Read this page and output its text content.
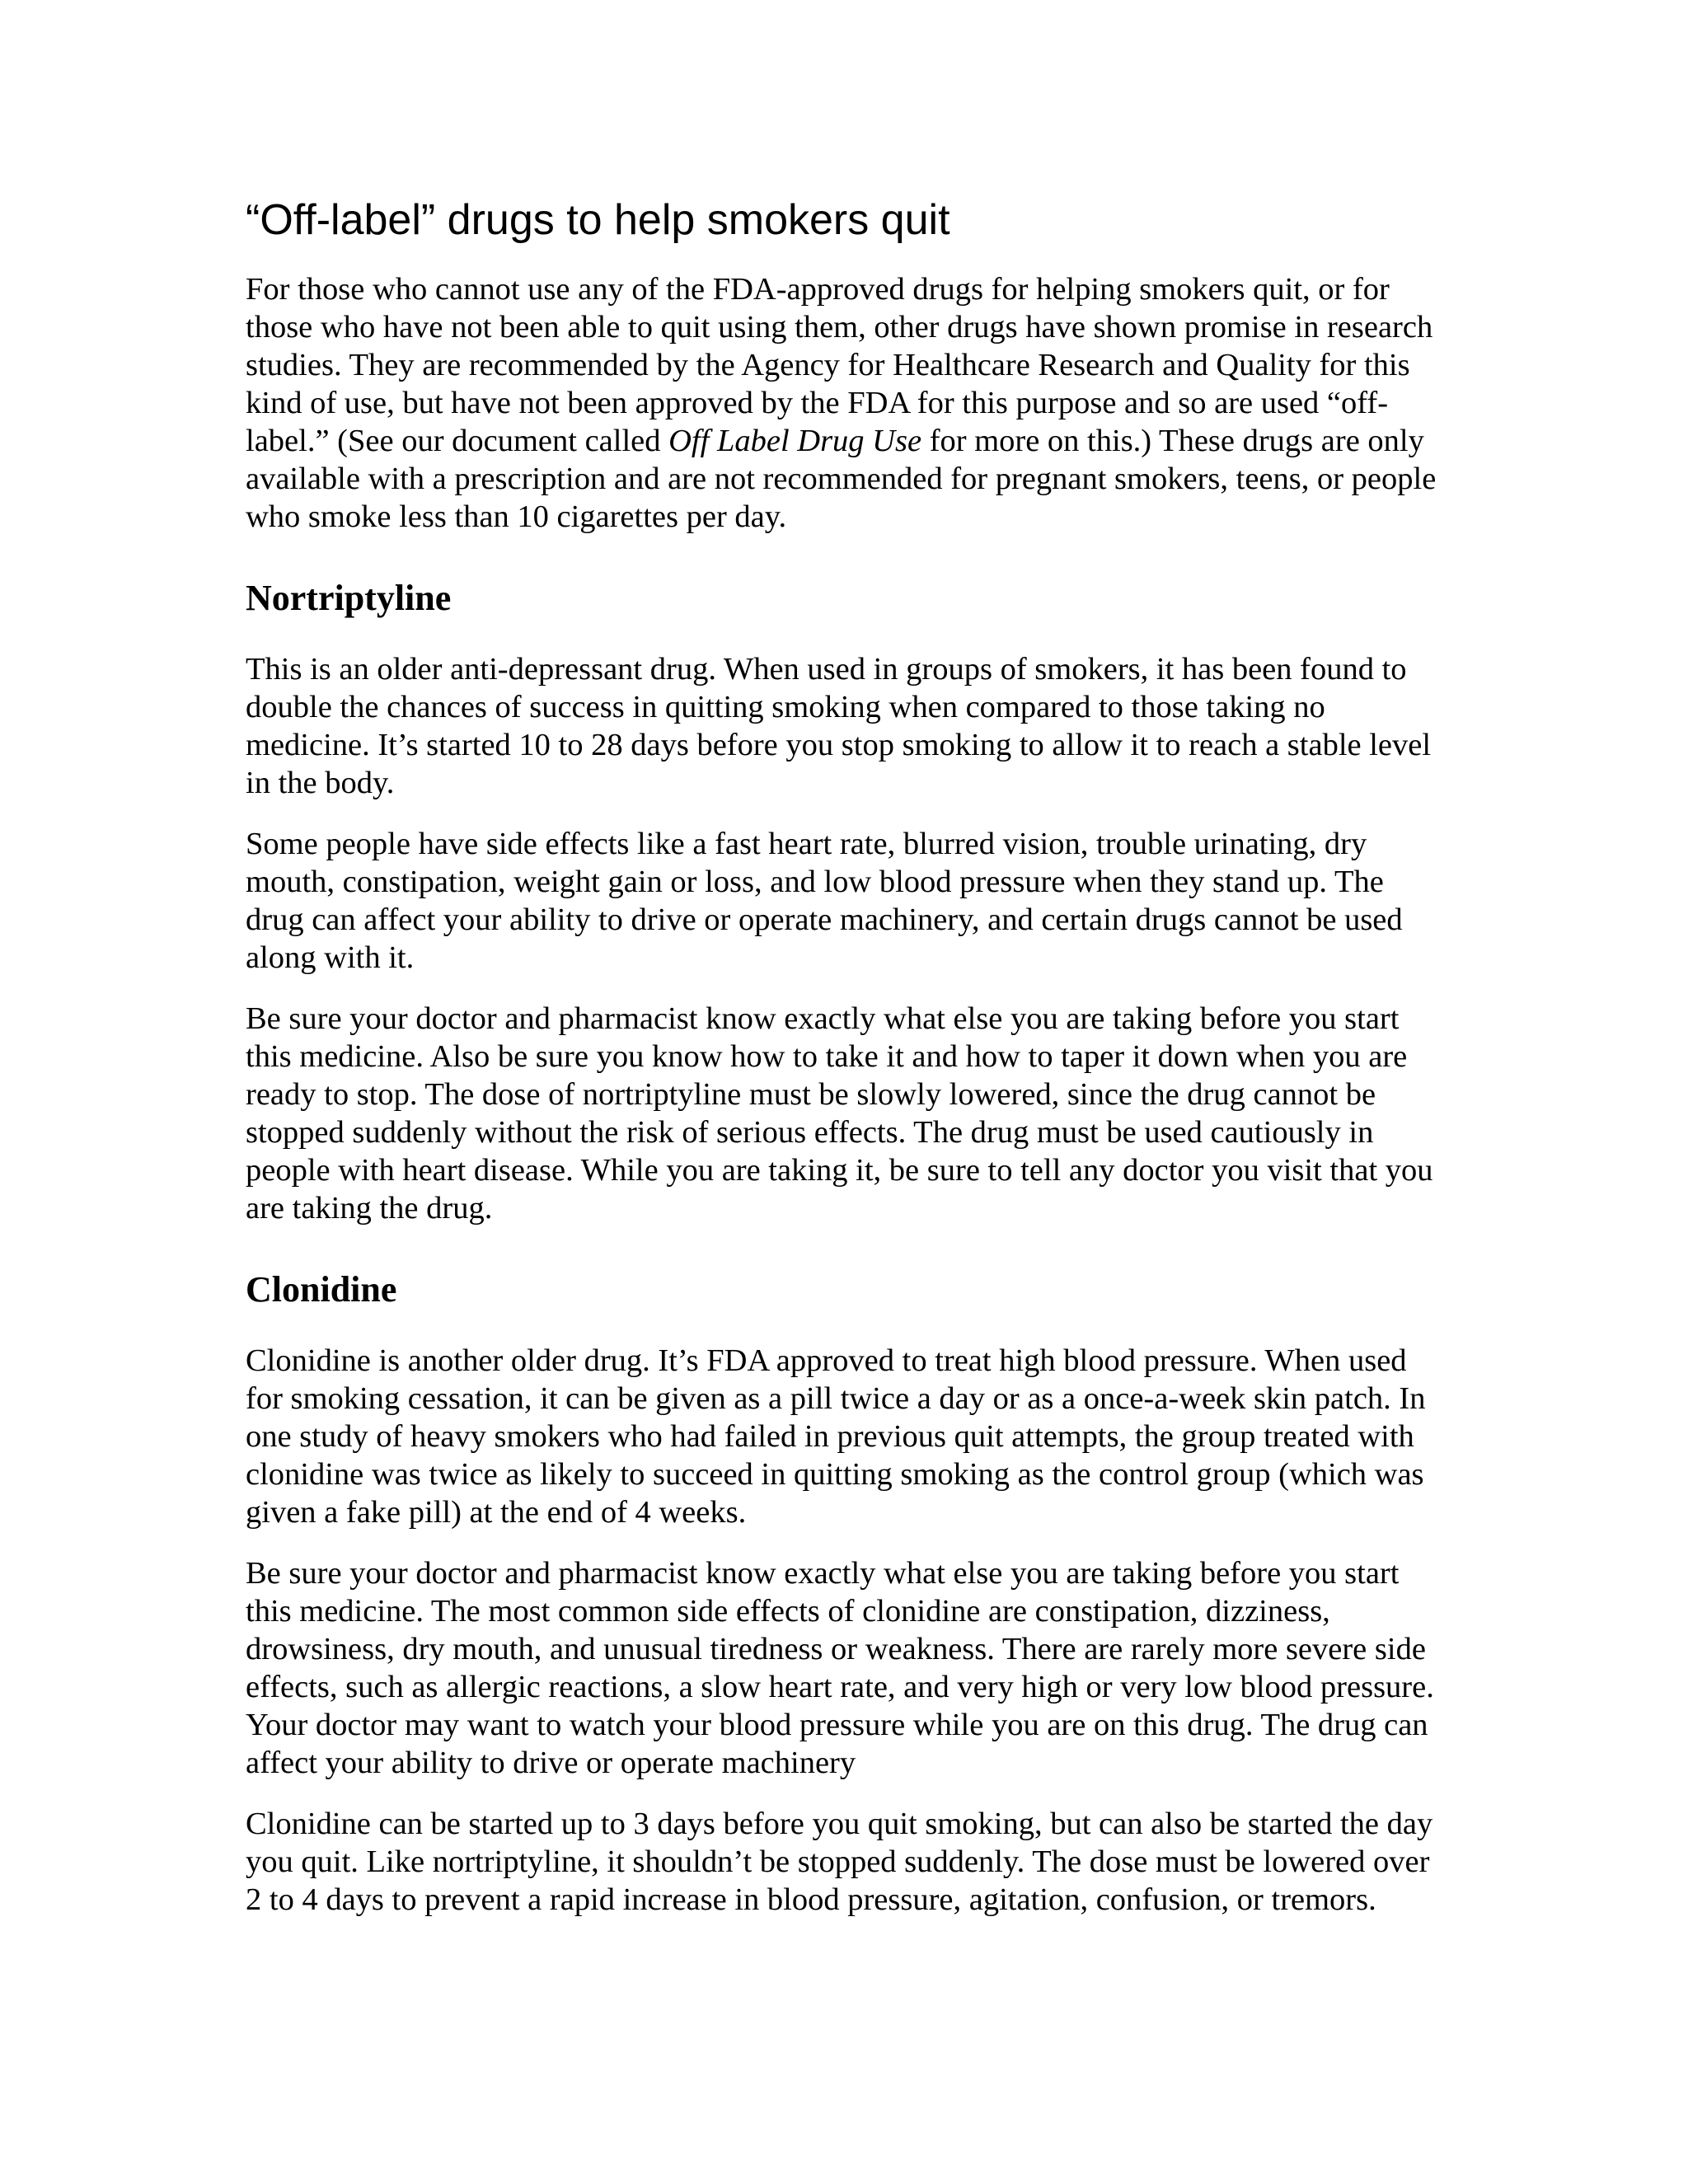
“Off-label” drugs to help smokers quit

For those who cannot use any of the FDA-approved drugs for helping smokers quit, or for those who have not been able to quit using them, other drugs have shown promise in research studies. They are recommended by the Agency for Healthcare Research and Quality for this kind of use, but have not been approved by the FDA for this purpose and so are used “off-label.” (See our document called Off Label Drug Use for more on this.) These drugs are only available with a prescription and are not recommended for pregnant smokers, teens, or people who smoke less than 10 cigarettes per day.

Nortriptyline

This is an older anti-depressant drug. When used in groups of smokers, it has been found to double the chances of success in quitting smoking when compared to those taking no medicine. It’s started 10 to 28 days before you stop smoking to allow it to reach a stable level in the body.

Some people have side effects like a fast heart rate, blurred vision, trouble urinating, dry mouth, constipation, weight gain or loss, and low blood pressure when they stand up. The drug can affect your ability to drive or operate machinery, and certain drugs cannot be used along with it.

Be sure your doctor and pharmacist know exactly what else you are taking before you start this medicine. Also be sure you know how to take it and how to taper it down when you are ready to stop. The dose of nortriptyline must be slowly lowered, since the drug cannot be stopped suddenly without the risk of serious effects. The drug must be used cautiously in people with heart disease. While you are taking it, be sure to tell any doctor you visit that you are taking the drug.

Clonidine

Clonidine is another older drug. It’s FDA approved to treat high blood pressure. When used for smoking cessation, it can be given as a pill twice a day or as a once-a-week skin patch. In one study of heavy smokers who had failed in previous quit attempts, the group treated with clonidine was twice as likely to succeed in quitting smoking as the control group (which was given a fake pill) at the end of 4 weeks.

Be sure your doctor and pharmacist know exactly what else you are taking before you start this medicine. The most common side effects of clonidine are constipation, dizziness, drowsiness, dry mouth, and unusual tiredness or weakness. There are rarely more severe side effects, such as allergic reactions, a slow heart rate, and very high or very low blood pressure. Your doctor may want to watch your blood pressure while you are on this drug. The drug can affect your ability to drive or operate machinery

Clonidine can be started up to 3 days before you quit smoking, but can also be started the day you quit. Like nortriptyline, it shouldn’t be stopped suddenly. The dose must be lowered over 2 to 4 days to prevent a rapid increase in blood pressure, agitation, confusion, or tremors.
